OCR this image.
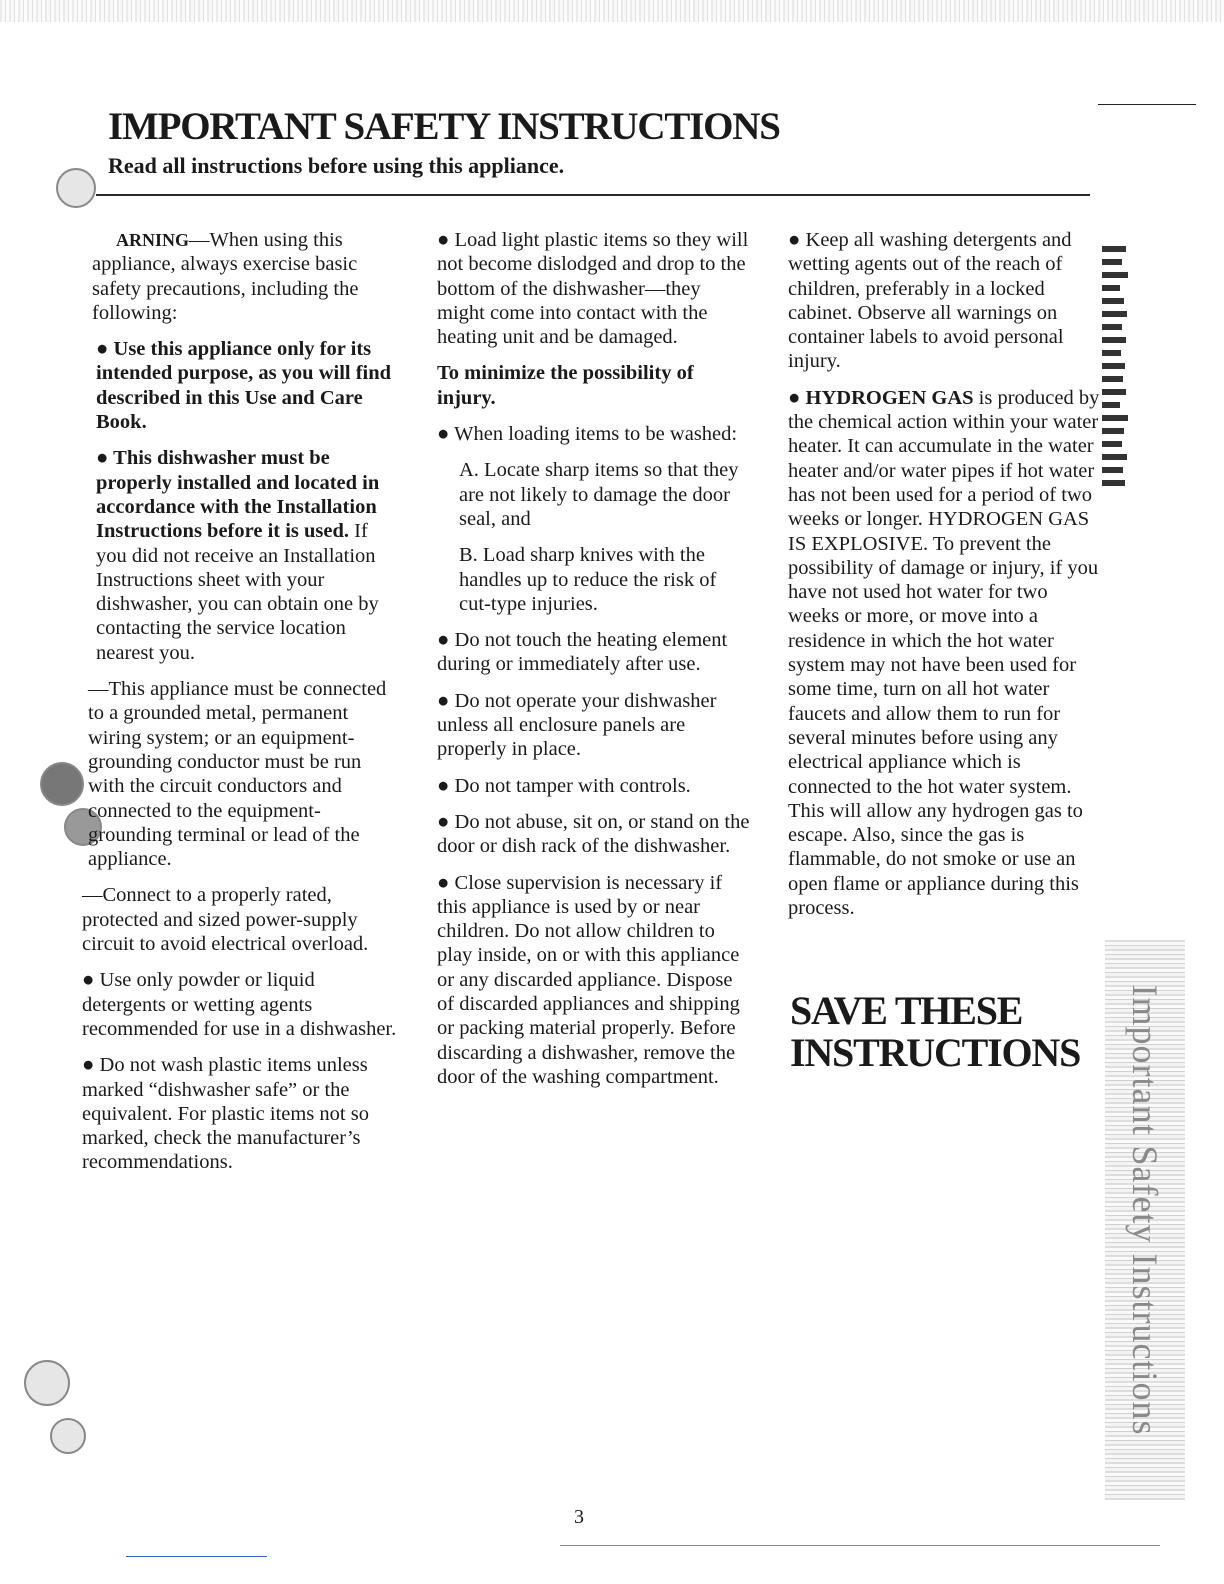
IMPORTANT SAFETY INSTRUCTIONS
Read all instructions before using this appliance.

ARNING—When using this appliance, always exercise basic safety precautions, including the following:

● Use this appliance only for its intended purpose, as you will find described in this Use and Care Book.

● This dishwasher must be properly installed and located in accordance with the Installation Instructions before it is used. If you did not receive an Installation Instructions sheet with your dishwasher, you can obtain one by contacting the service location nearest you.

—This appliance must be connected to a grounded metal, permanent wiring system; or an equipment-grounding conductor must be run with the circuit conductors and connected to the equipment-grounding terminal or lead of the appliance.

—Connect to a properly rated, protected and sized power-supply circuit to avoid electrical overload.

● Use only powder or liquid detergents or wetting agents recommended for use in a dishwasher.

● Do not wash plastic items unless marked “dishwasher safe” or the equivalent. For plastic items not so marked, check the manufacturer’s recommendations.

● Load light plastic items so they will not become dislodged and drop to the bottom of the dishwasher—they might come into contact with the heating unit and be damaged.

To minimize the possibility of injury.

● When loading items to be washed:

A. Locate sharp items so that they are not likely to damage the door seal, and

B. Load sharp knives with the handles up to reduce the risk of cut-type injuries.

● Do not touch the heating element during or immediately after use.

● Do not operate your dishwasher unless all enclosure panels are properly in place.

● Do not tamper with controls.

● Do not abuse, sit on, or stand on the door or dish rack of the dishwasher.

● Close supervision is necessary if this appliance is used by or near children. Do not allow children to play inside, on or with this appliance or any discarded appliance. Dispose of discarded appliances and shipping or packing material properly. Before discarding a dishwasher, remove the door of the washing compartment.

● Keep all washing detergents and wetting agents out of the reach of children, preferably in a locked cabinet. Observe all warnings on container labels to avoid personal injury.

● HYDROGEN GAS is produced by the chemical action within your water heater. It can accumulate in the water heater and/or water pipes if hot water has not been used for a period of two weeks or longer. HYDROGEN GAS IS EXPLOSIVE. To prevent the possibility of damage or injury, if you have not used hot water for two weeks or more, or move into a residence in which the hot water system may not have been used for some time, turn on all hot water faucets and allow them to run for several minutes before using any electrical appliance which is connected to the hot water system. This will allow any hydrogen gas to escape. Also, since the gas is flammable, do not smoke or use an open flame or appliance during this process.

SAVE THESE
INSTRUCTIONS Important Safety Instructions
3
